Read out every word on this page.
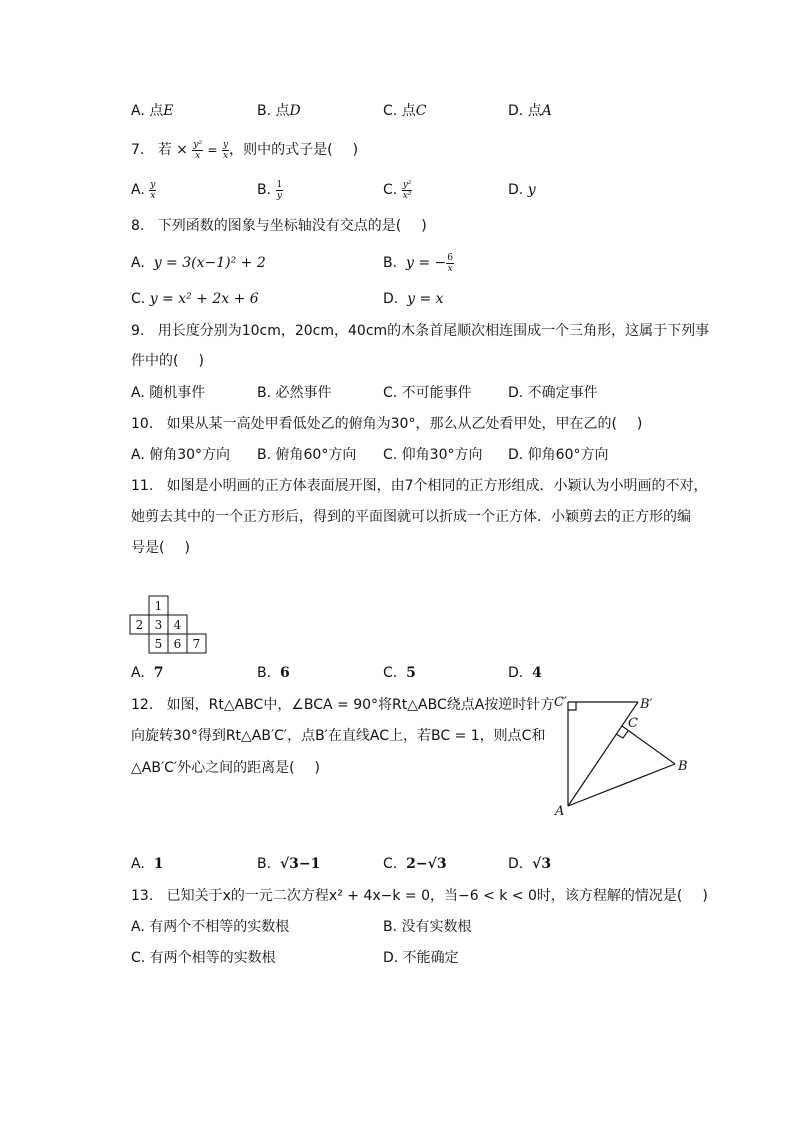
A. 点E	B. 点D	C. 点C	D. 点A
7. 若 × $\frac{\text{y²}}{x} = \frac{y}{x}$ ，则中的式子是( )
A. $\frac{y}{x}$	B. $\frac{1}{y}$	C. $\frac{\text{y²}}{\text{x²}}$	D. y
8. 下列函数的图象与坐标轴没有交点的是( )
A. y = 3(x−1)² + 2	B. y = − $\frac{6}{x}$
C. y = x² + 2x + 6	D. y = x
9. 用长度分别为10cm，20cm，40cm的木条首尾顺次相连围成一个三角形，这属于下列事
件中的( )
A. 随机事件	B. 必然事件	C. 不可能事件	D. 不确定事件
10. 如果从某一高处甲看低处乙的俯角为30°，那么从乙处看甲处，甲在乙的( )
A. 俯角30°方向 B. 俯角60°方向 C. 仰角30°方向 D. 仰角60°方向
11. 如图是小明画的正方体表面展开图，由7个相同的正方形组成．小颖认为小明画的不对，
她剪去其中的一个正方形后，得到的平面图就可以折成一个正方体．小颖剪去的正方形的编
号是( )
1
2 3 4
5 6 7
A. 7	B. 6	C. 5	D. 4
12. 如图，Rt△ABC中，∠BCA = 90°将Rt△ABC绕点A按逆时针方
向旋转30°得到Rt△AB′C′，点B′在直线AC上，若BC = 1，则点C和
△AB′C′外心之间的距离是( )
C′	B′
C
B
A
A. 1	B. √3−1	C. 2−√3	D. √3
13. 已知关于x的一元二次方程x² + 4x−k = 0，当−6 < k < 0时，该方程解的情况是( )
A. 有两个不相等的实数根	B. 没有实数根
C. 有两个相等的实数根	D. 不能确定
